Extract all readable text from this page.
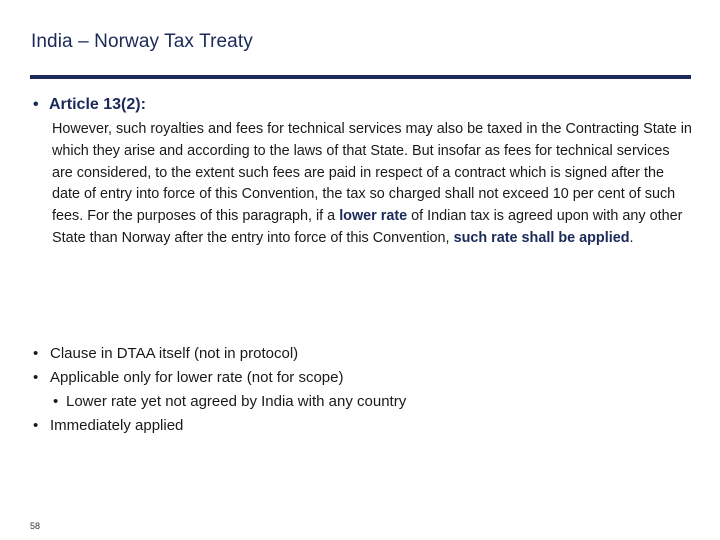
India – Norway Tax Treaty
• Article 13(2):
However, such royalties and fees for technical services may also be taxed in the Contracting State in which they arise and according to the laws of that State. But insofar as fees for technical services are considered, to the extent such fees are paid in respect of a contract which is signed after the date of entry into force of this Convention, the tax so charged shall not exceed 10 per cent of such fees. For the purposes of this paragraph, if a lower rate of Indian tax is agreed upon with any other State than Norway after the entry into force of this Convention, such rate shall be applied.
• Clause in DTAA itself (not in protocol)
• Applicable only for lower rate (not for scope)
• Lower rate yet not agreed by India with any country
• Immediately applied
58
